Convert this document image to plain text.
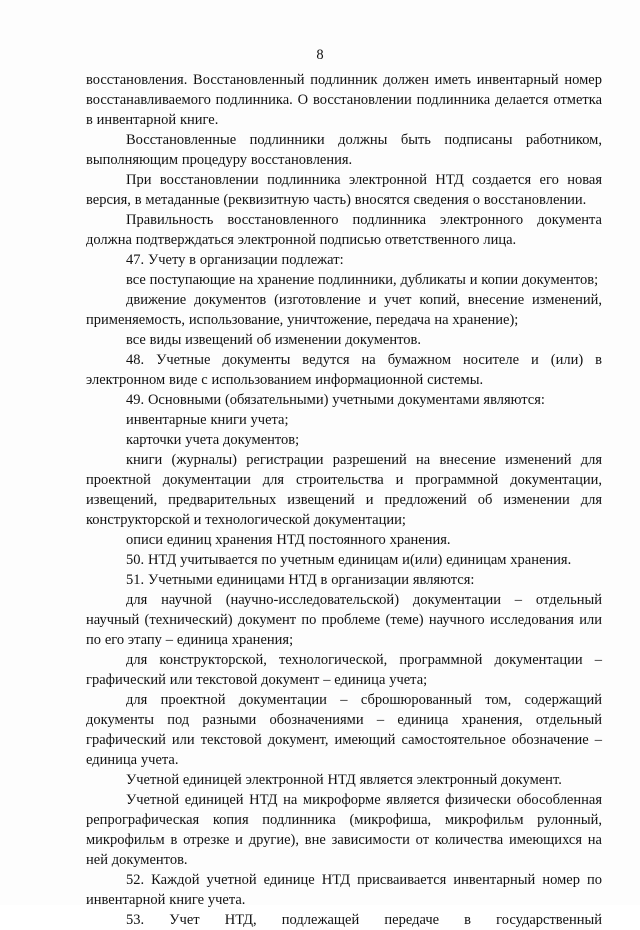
8

восстановления. Восстановленный подлинник должен иметь инвентарный номер восстанавливаемого подлинника. О восстановлении подлинника делается отметка в инвентарной книге.

Восстановленные подлинники должны быть подписаны работником, выполняющим процедуру восстановления.

При восстановлении подлинника электронной НТД создается его новая версия, в метаданные (реквизитную часть) вносятся сведения о восстановлении.

Правильность восстановленного подлинника электронного документа должна подтверждаться электронной подписью ответственного лица.

47. Учету в организации подлежат:

все поступающие на хранение подлинники, дубликаты и копии документов;

движение документов (изготовление и учет копий, внесение изменений, применяемость, использование, уничтожение, передача на хранение);

все виды извещений об изменении документов.

48. Учетные документы ведутся на бумажном носителе и (или) в электронном виде с использованием информационной системы.

49. Основными (обязательными) учетными документами являются:

инвентарные книги учета;

карточки учета документов;

книги (журналы) регистрации разрешений на внесение изменений для проектной документации для строительства и программной документации, извещений, предварительных извещений и предложений об изменении для конструкторской и технологической документации;

описи единиц хранения НТД постоянного хранения.

50. НТД учитывается по учетным единицам и(или) единицам хранения.

51. Учетными единицами НТД в организации являются:

для научной (научно-исследовательской) документации – отдельный научный (технический) документ по проблеме (теме) научного исследования или по его этапу – единица хранения;

для конструкторской, технологической, программной документации – графический или текстовой документ – единица учета;

для проектной документации – сброшюрованный том, содержащий документы под разными обозначениями – единица хранения, отдельный графический или текстовой документ, имеющий самостоятельное обозначение – единица учета.

Учетной единицей электронной НТД является электронный документ.

Учетной единицей НТД на микроформе является физически обособленная репрографическая копия подлинника (микрофиша, микрофильм рулонный, микрофильм в отрезке и другие), вне зависимости от количества имеющихся на ней документов.

52. Каждой учетной единице НТД присваивается инвентарный номер по инвентарной книге учета.

53. Учет НТД, подлежащей передаче в государственный
